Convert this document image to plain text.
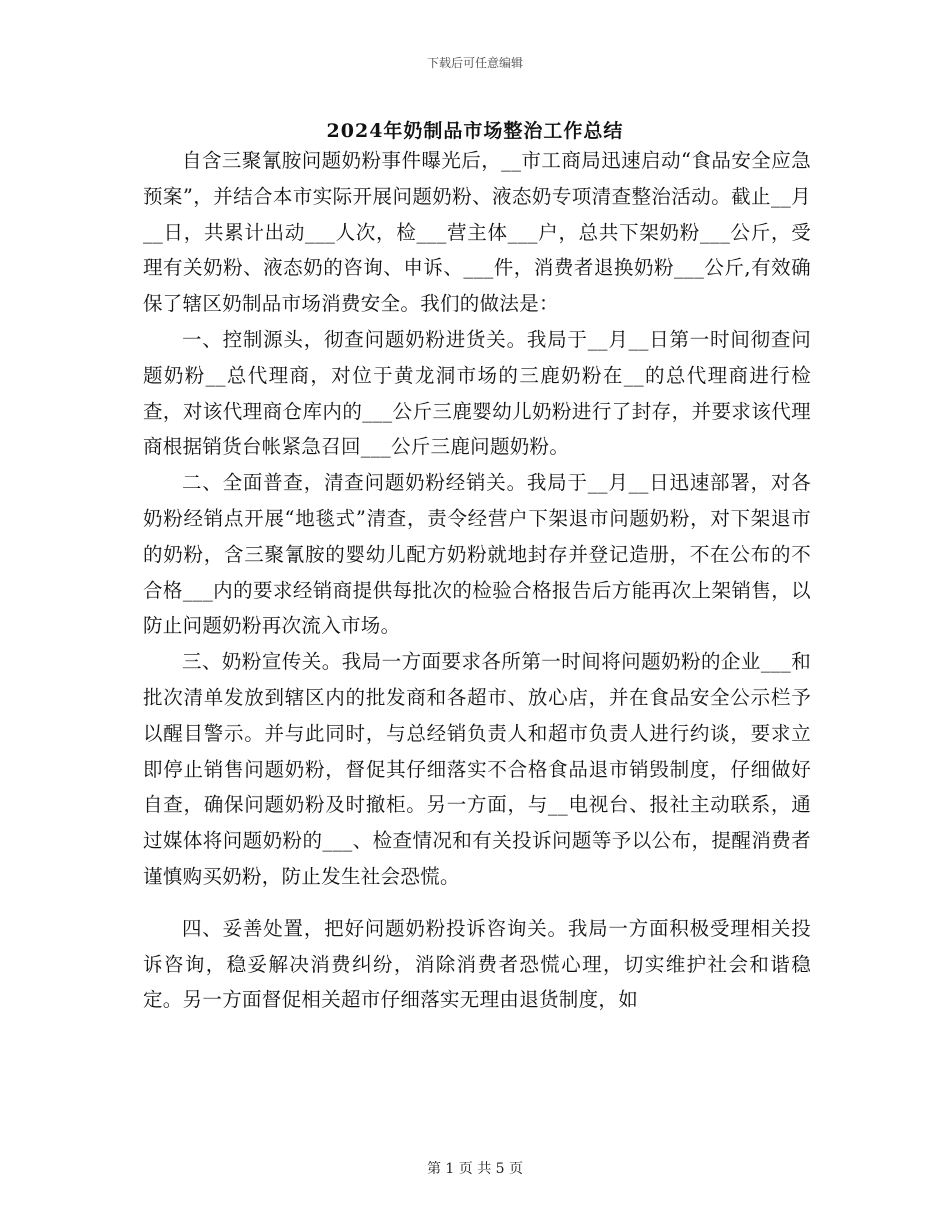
下载后可任意编辑
2024年奶制品市场整治工作总结

自含三聚氰胺问题奶粉事件曝光后，__市工商局迅速启动“食品安全应急预案”，并结合本市实际开展问题奶粉、液态奶专项清查整治活动。截止__月__日，共累计出动___人次，检___营主体___户，总共下架奶粉___公斤，受理有关奶粉、液态奶的咨询、申诉、___件，消费者退换奶粉___公斤,有效确保了辖区奶制品市场消费安全。我们的做法是：

一、控制源头，彻查问题奶粉进货关。我局于__月__日第一时间彻查问题奶粉__总代理商，对位于黄龙洞市场的三鹿奶粉在__的总代理商进行检查，对该代理商仓库内的___公斤三鹿婴幼儿奶粉进行了封存，并要求该代理商根据销货台帐紧急召回___公斤三鹿问题奶粉。

二、全面普查，清查问题奶粉经销关。我局于__月__日迅速部署，对各奶粉经销点开展“地毯式”清查，责令经营户下架退市问题奶粉，对下架退市的奶粉，含三聚氰胺的婴幼儿配方奶粉就地封存并登记造册，不在公布的不合格___内的要求经销商提供每批次的检验合格报告后方能再次上架销售，以防止问题奶粉再次流入市场。

三、奶粉宣传关。我局一方面要求各所第一时间将问题奶粉的企业___和批次清单发放到辖区内的批发商和各超市、放心店，并在食品安全公示栏予以醒目警示。并与此同时，与总经销负责人和超市负责人进行约谈，要求立即停止销售问题奶粉，督促其仔细落实不合格食品退市销毁制度，仔细做好自查，确保问题奶粉及时撤柜。另一方面，与__电视台、报社主动联系，通过媒体将问题奶粉的___、检查情况和有关投诉问题等予以公布，提醒消费者谨慎购买奶粉，防止发生社会恐慌。

四、妥善处置，把好问题奶粉投诉咨询关。我局一方面积极受理相关投诉咨询，稳妥解决消费纠纷，消除消费者恐慌心理，切实维护社会和谐稳定。另一方面督促相关超市仔细落实无理由退货制度，如

第 1 页 共 5 页
